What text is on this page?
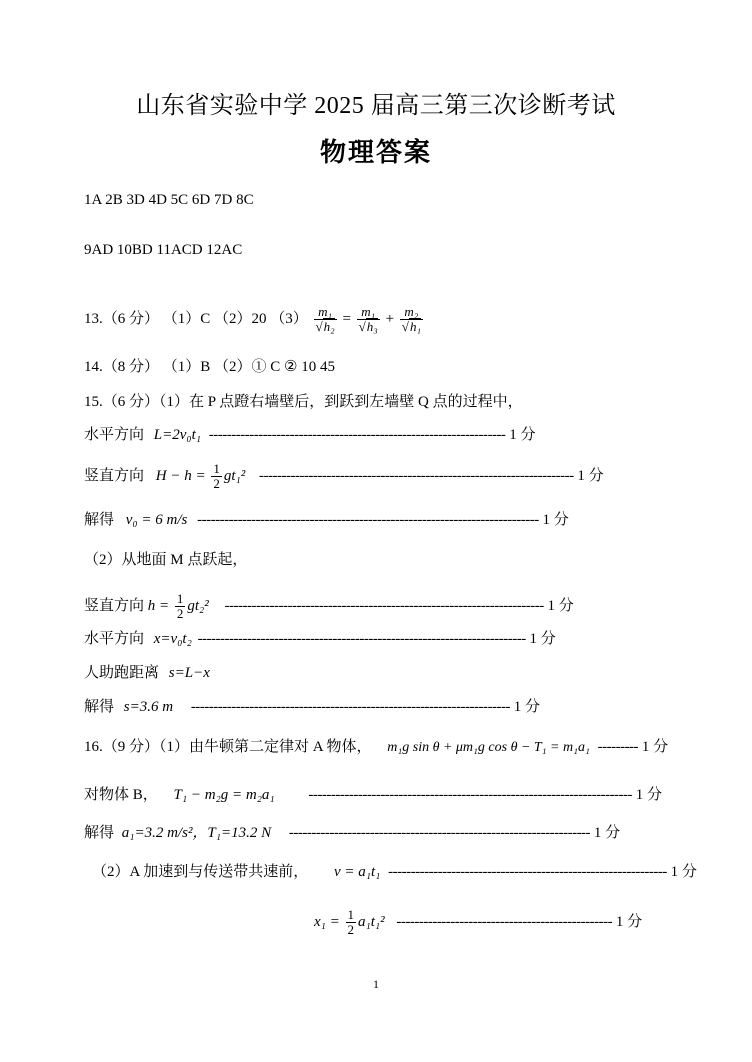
山东省实验中学 2025 届高三第三次诊断考试
物理答案
1A 2B 3D 4D 5C 6D 7D 8C
9AD 10BD 11ACD 12AC
13.（6 分） （1）C （2）20 $(3) \frac{\text{m₁}}{\text{√h₂}} = \frac{\text{m₁}}{\text{√h₃}} + \frac{\text{m₂}}{\text{√h₁}}$
14.（8 分） （1）B （2）① C ② 10 45
15.（6 分）（1）在 P 点蹬右墙壁后，到跃到左墙壁 Q 点的过程中，
水平方向 L=2v₀t₁ ------------------------------------------------------------------ 1 分
竖直方向 $H - h = \frac{1}{2} gt_1^2$ ---------------------------------------------------------------------- 1 分
解得 v₀ = 6 m/s ---------------------------------------------------------------------------- 1 分
（2）从地面 M 点跃起，
竖直方向 $h = \frac{1}{2} gt_2^2$ ----------------------------------------------------------------------- 1 分
水平方向 x=v₀t₂ ------------------------------------------------------------------------- 1 分
人助跑距离 s=L−x
解得 s=3.6 m ----------------------------------------------------------------------- 1 分
16.（9 分）（1）由牛顿第二定律对 A 物体， m₁g sin θ + μm₁g cos θ − T₁ = m₁a₁ --------- 1 分
对物体 B， T₁ − m₂g = m₂a₁ ------------------------------------------------------------------------ 1 分
解得 a₁=3.2 m/s²，T₁=13.2 N ------------------------------------------------------------------- 1 分
（2）A 加速到与传送带共速前， v = a₁t₁ -------------------------------------------------------------- 1 分
$x_1 = \frac{1}{2} a_1t_1^2$ ------------------------------------------------ 1 分
1
